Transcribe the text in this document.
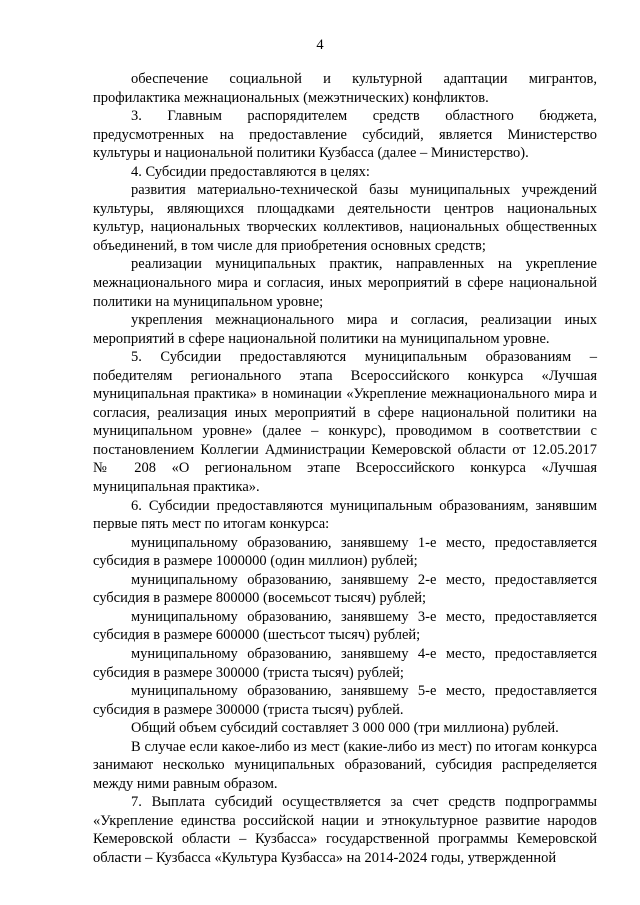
4

обеспечение социальной и культурной адаптации мигрантов, профилактика межнациональных (межэтнических) конфликтов.

3. Главным распорядителем средств областного бюджета, предусмотренных на предоставление субсидий, является Министерство культуры и национальной политики Кузбасса (далее – Министерство).

4. Субсидии предоставляются в целях:

развития материально-технической базы муниципальных учреждений культуры, являющихся площадками деятельности центров национальных культур, национальных творческих коллективов, национальных общественных объединений, в том числе для приобретения основных средств;

реализации муниципальных практик, направленных на укрепление межнационального мира и согласия, иных мероприятий в сфере национальной политики на муниципальном уровне;

укрепления межнационального мира и согласия, реализации иных мероприятий в сфере национальной политики на муниципальном уровне.

5. Субсидии предоставляются муниципальным образованиям – победителям регионального этапа Всероссийского конкурса «Лучшая муниципальная практика» в номинации «Укрепление межнационального мира и согласия, реализация иных мероприятий в сфере национальной политики на муниципальном уровне» (далее – конкурс), проводимом в соответствии с постановлением Коллегии Администрации Кемеровской области от 12.05.2017 № 208 «О региональном этапе Всероссийского конкурса «Лучшая муниципальная практика».

6. Субсидии предоставляются муниципальным образованиям, занявшим первые пять мест по итогам конкурса:

муниципальному образованию, занявшему 1-е место, предоставляется субсидия в размере 1000000 (один миллион) рублей;

муниципальному образованию, занявшему 2-е место, предоставляется субсидия в размере 800000 (восемьсот тысяч) рублей;

муниципальному образованию, занявшему 3-е место, предоставляется субсидия в размере 600000 (шестьсот тысяч) рублей;

муниципальному образованию, занявшему 4-е место, предоставляется субсидия в размере 300000 (триста тысяч) рублей;

муниципальному образованию, занявшему 5-е место, предоставляется субсидия в размере 300000 (триста тысяч) рублей.

Общий объем субсидий составляет 3 000 000 (три миллиона) рублей.

В случае если какое-либо из мест (какие-либо из мест) по итогам конкурса занимают несколько муниципальных образований, субсидия распределяется между ними равным образом.

7. Выплата субсидий осуществляется за счет средств подпрограммы «Укрепление единства российской нации и этнокультурное развитие народов Кемеровской области – Кузбасса» государственной программы Кемеровской области – Кузбасса «Культура Кузбасса» на 2014-2024 годы, утвержденной
